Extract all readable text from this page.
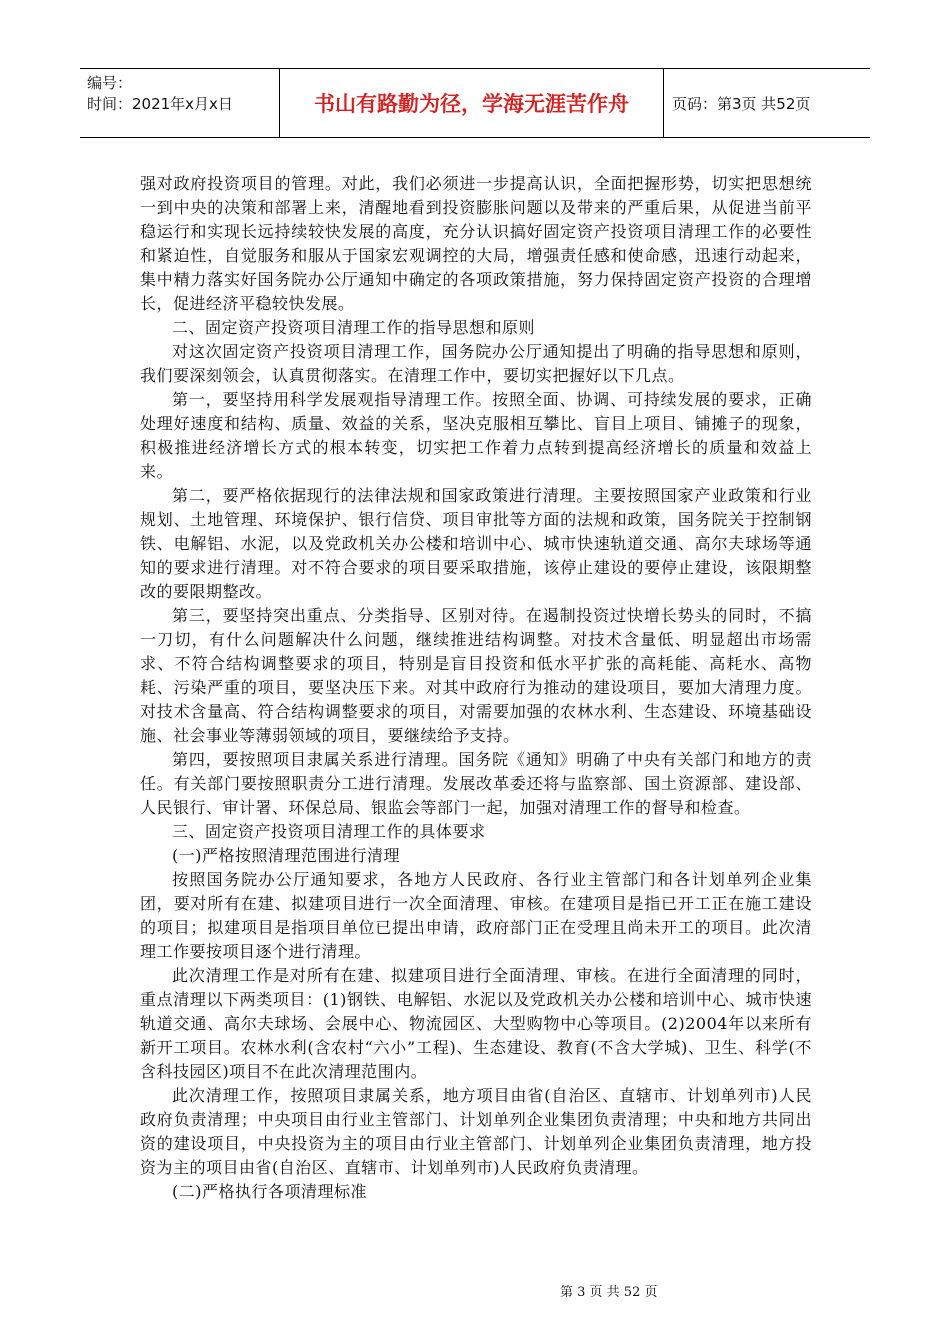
编号：
时间：2021年x月x日	书山有路勤为径，学海无涯苦作舟	页码：第3页 共52页

强对政府投资项目的管理。对此，我们必须进一步提高认识，全面把握形势，切实把思想统一到中央的决策和部署上来，清醒地看到投资膨胀问题以及带来的严重后果，从促进当前平稳运行和实现长远持续较快发展的高度，充分认识搞好固定资产投资项目清理工作的必要性和紧迫性，自觉服务和服从于国家宏观调控的大局，增强责任感和使命感，迅速行动起来，集中精力落实好国务院办公厅通知中确定的各项政策措施，努力保持固定资产投资的合理增长，促进经济平稳较快发展。

二、固定资产投资项目清理工作的指导思想和原则

对这次固定资产投资项目清理工作，国务院办公厅通知提出了明确的指导思想和原则，我们要深刻领会，认真贯彻落实。在清理工作中，要切实把握好以下几点。

第一，要坚持用科学发展观指导清理工作。按照全面、协调、可持续发展的要求，正确处理好速度和结构、质量、效益的关系，坚决克服相互攀比、盲目上项目、铺摊子的现象，积极推进经济增长方式的根本转变，切实把工作着力点转到提高经济增长的质量和效益上来。

第二，要严格依据现行的法律法规和国家政策进行清理。主要按照国家产业政策和行业规划、土地管理、环境保护、银行信贷、项目审批等方面的法规和政策，国务院关于控制钢铁、电解铝、水泥，以及党政机关办公楼和培训中心、城市快速轨道交通、高尔夫球场等通知的要求进行清理。对不符合要求的项目要采取措施，该停止建设的要停止建设，该限期整改的要限期整改。

第三，要坚持突出重点、分类指导、区别对待。在遏制投资过快增长势头的同时，不搞一刀切，有什么问题解决什么问题，继续推进结构调整。对技术含量低、明显超出市场需求、不符合结构调整要求的项目，特别是盲目投资和低水平扩张的高耗能、高耗水、高物耗、污染严重的项目，要坚决压下来。对其中政府行为推动的建设项目，要加大清理力度。对技术含量高、符合结构调整要求的项目，对需要加强的农林水利、生态建设、环境基础设施、社会事业等薄弱领域的项目，要继续给予支持。

第四，要按照项目隶属关系进行清理。国务院《通知》明确了中央有关部门和地方的责任。有关部门要按照职责分工进行清理。发展改革委还将与监察部、国土资源部、建设部、人民银行、审计署、环保总局、银监会等部门一起，加强对清理工作的督导和检查。

三、固定资产投资项目清理工作的具体要求

(一)严格按照清理范围进行清理

按照国务院办公厅通知要求，各地方人民政府、各行业主管部门和各计划单列企业集团，要对所有在建、拟建项目进行一次全面清理、审核。在建项目是指已开工正在施工建设的项目；拟建项目是指项目单位已提出申请，政府部门正在受理且尚未开工的项目。此次清理工作要按项目逐个进行清理。

此次清理工作是对所有在建、拟建项目进行全面清理、审核。在进行全面清理的同时，重点清理以下两类项目：(1)钢铁、电解铝、水泥以及党政机关办公楼和培训中心、城市快速轨道交通、高尔夫球场、会展中心、物流园区、大型购物中心等项目。(2)2004年以来所有新开工项目。农林水利(含农村“六小”工程)、生态建设、教育(不含大学城)、卫生、科学(不含科技园区)项目不在此次清理范围内。

此次清理工作，按照项目隶属关系，地方项目由省(自治区、直辖市、计划单列市)人民政府负责清理；中央项目由行业主管部门、计划单列企业集团负责清理；中央和地方共同出资的建设项目，中央投资为主的项目由行业主管部门、计划单列企业集团负责清理，地方投资为主的项目由省(自治区、直辖市、计划单列市)人民政府负责清理。

(二)严格执行各项清理标准

第 3 页 共 52 页
